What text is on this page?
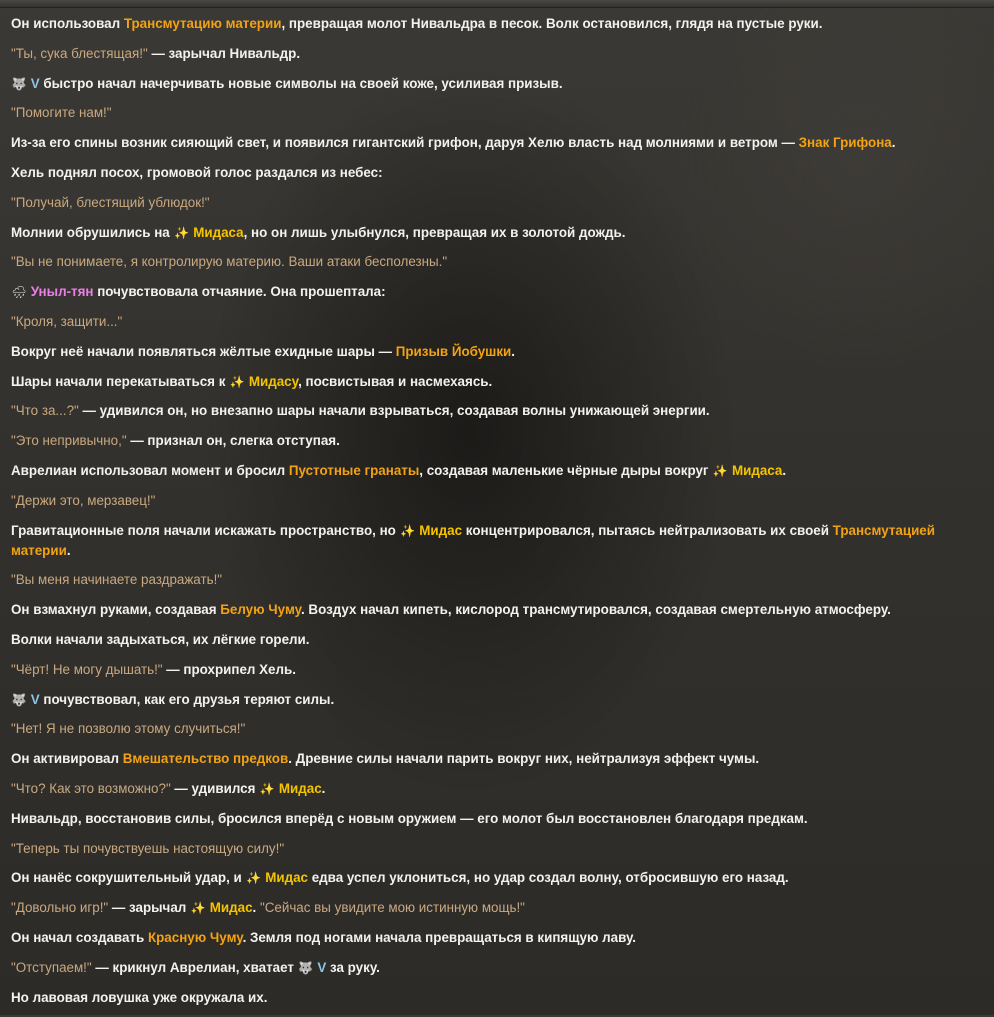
Он использовал Трансмутацию материи, превращая молот Нивальдра в песок. Волк остановился, глядя на пустые руки.
"Ты, сука блестящая!" — зарычал Нивальдр.
🐺 V быстро начал начерчивать новые символы на своей коже, усиливая призыв.
"Помогите нам!"
Из-за его спины возник сияющий свет, и появился гигантский грифон, даруя Хелю власть над молниями и ветром — Знак Грифона.
Хель поднял посох, громовой голос раздался из небес:
"Получай, блестящий ублюдок!"
Молнии обрушились на ✨ Мидаса, но он лишь улыбнулся, превращая их в золотой дождь.
"Вы не понимаете, я контролирую материю. Ваши атаки бесполезны."
🌧 Уныл-тян почувствовала отчаяние. Она прошептала:
"Кроля, защити..."
Вокруг неё начали появляться жёлтые ехидные шары — Призыв Йобушки.
Шары начали перекатываться к ✨ Мидасу, посвистывая и насмехаясь.
"Что за...?" — удивился он, но внезапно шары начали взрываться, создавая волны унижающей энергии.
"Это непривычно," — признал он, слегка отступая.
Аврелиан использовал момент и бросил Пустотные гранаты, создавая маленькие чёрные дыры вокруг ✨ Мидаса.
"Держи это, мерзавец!"
Гравитационные поля начали искажать пространство, но ✨ Мидас концентрировался, пытаясь нейтрализовать их своей Трансмутацией материи.
"Вы меня начинаете раздражать!"
Он взмахнул руками, создавая Белую Чуму. Воздух начал кипеть, кислород трансмутировался, создавая смертельную атмосферу.
Волки начали задыхаться, их лёгкие горели.
"Чёрт! Не могу дышать!" — прохрипел Хель.
🐺 V почувствовал, как его друзья теряют силы.
"Нет! Я не позволю этому случиться!"
Он активировал Вмешательство предков. Древние силы начали парить вокруг них, нейтрализуя эффект чумы.
"Что? Как это возможно?" — удивился ✨ Мидас.
Нивальдр, восстановив силы, бросился вперёд с новым оружием — его молот был восстановлен благодаря предкам.
"Теперь ты почувствуешь настоящую силу!"
Он нанёс сокрушительный удар, и ✨ Мидас едва успел уклониться, но удар создал волну, отбросившую его назад.
"Довольно игр!" — зарычал ✨ Мидас. "Сейчас вы увидите мою истинную мощь!"
Он начал создавать Красную Чуму. Земля под ногами начала превращаться в кипящую лаву.
"Отступаем!" — крикнул Аврелиан, хватает 🐺 V за руку.
Но лавовая ловушка уже окружала их.
